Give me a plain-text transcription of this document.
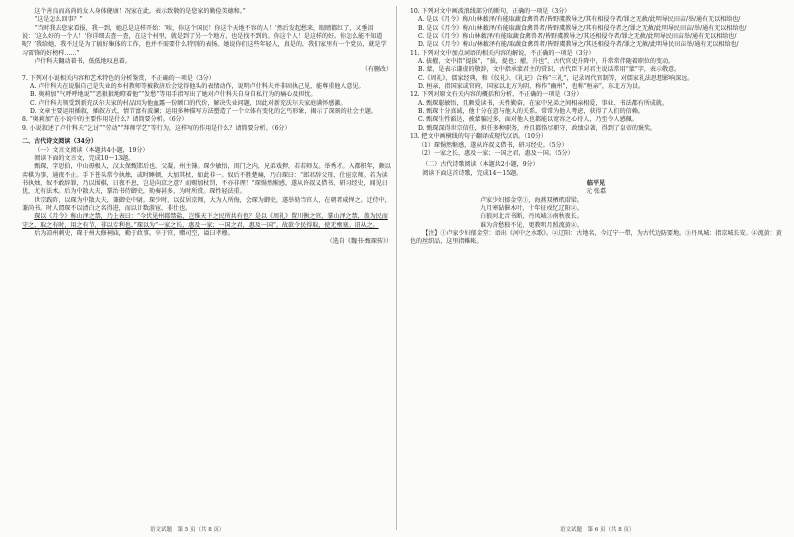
这个善良而高尚的女人身体健康！况家在此，表示致敬的是您家的勤俭美德和。”

“这是怎么回事？”

“当时我去您家看报，我一到，她总是这样开始：‘唉，你这个国民！你这个天地不容的人！’然后发起愁来，眼睛都红了，又垂泪说：‘这么好的一个人！’你详细去查一查，在这个村里，就是到了另一个地方，也是找不到的。你这个人！是这样的好。你怎么能不知道呢？’我给她，我不过是为了搞好集体的工作，也并不需要什么特别的表扬。她说你们这些年轻人，真是的，我们家里有一个党员，就是学习雷锋的好榜样……”

卢什科夫翻动着书，低低地叹息着。

（有删改）

7. 下列对小说相关内容和艺术特色的分析鉴赏，不正确的一项是（3分）

A. 卢什科夫在说服自己是失业的乡村教师等被救济后会觉得他头的表情动作，说明卢什科夫并非固执己见，能尊重他人意见。

B. 奥莉加“气呼呼地说”“恶狠狠地瞪着他”“发愁”等用手指写出了她对卢什科夫自身自私行为的痛心及担忧。

C. 卢什科夫领受到新充沃尔夫家的村品因为他血露一份额口的代价，解决失业问题，因此对新充沃尔夫家庭满怀感激。

D. 文章主要运用插叙，插叙方式，情节富有波澜；运用多种描写方法塑造了一个立体有变化的乞丐形象，揭示了深刻的社会主题。

8. “奥莉加”在小说中的主要作用是什么？请简要分析。（6分）

9. 小说叙述了卢什科夫“乞讨”“劳动”“拜师学艺”等行为，这样写的作用是什么？请简要分析。（6分）

二、古代诗文阅读（34分）

（一）文言文阅读（本题共4小题，19分）

阅读下面的文言文，完成10～13题。

甄琛，字思伯，中山毋极人，汉太保甄邯后也。父凝，州主簿。琛少敏悟，闺门之内，兄弟戏狎，若若师友。举秀才。入都积年，颇以弈棋为事，通夜不止。手下苍头常令执烛，或时睡顿，大加其杖，如此非一。奴后不胜楚痛，乃白琛曰：“郎君辞父母，仕宦京师。若为读书执烛，奴不敢辞罪，乃以围棋，日夜不息，岂是向京之意？而赐加杖罚，不亦非理！”琛惕然惭感，遂从许叔义借书，研习经史，闻见日优，尤有法术。后为中散大夫，掌治书侍御史，劾奏甚多，为时所赏。琛性轻法重。

世宗践阼，以琛为中散大夫，兼御史中尉。琛少时，以贫居京师，大为人所侮，会琛为御史，遂举劾当官人，在朝者咸惮之。迁侍中，兼尚书。时人谓琛不以清白之名得进，而以计数游宦，非仕也。

琛以《月令》称山泽之禁，乃上表曰：“今伏见州郡禁盐，岂惟天下之民所共有也？是以《周礼》置川衡之官，掌山泽之禁，盖为民而守之，取之有时，用之有节，非以专利也。”琛以为“一家之长，惠及一家；一国之君，惠及一国”，故欲令民得取，使无壅塞。诏从之。

后为凉州刺史，琛于州大修祠庙，勤于政事。卒于官，赠司空，谥曰孝穆。

（选自《魏书·甄琛传》）

10. 下列对文中画波浪线部分的断句，正确的一项是（3分）

A. 是以《月令》称/山林薮泽/有能取蔬食禽兽者/皆野虞教导之/其有相侵夺者/罪之无赦/此明导民田亩/举/通有无以相给也/

B. 是以《月令》称/山林薮泽/有能取蔬食禽兽者/皆野虞教导之/其有相侵夺者之/罪之无赦/此明导民田亩/举/通有无以相给也/

C. 是以《月令》称山林薮泽/有能取蔬食禽兽者/皆野虞教导之/其还相侵夺者/罪之无赦/此明导民田亩举/通有无以相给也/

D. 是以《月令》称山/林薮泽有能/取蔬食禽兽者/皆野虞教导之/其还相侵夺者/罪之无赦/此明导民田亩举/通有无以相给也/

11. 下列对文中加点词语的相关内容的解说，不正确的一项是（3分）

A. 拔擢，文中指“提拔”，“拔，提也；擢，升也”，古代官吏升降中，升常常伴随着职位的变动。

B. 蒙，是表示谦虚的敬辞，文中指承蒙君主的赏识，古代臣下对君主说话常用“蒙”字，表示敬意。

C.《周礼》，儒家经典，和《仪礼》、《礼记》合称“三礼”，记录周代官制等，对儒家礼法思想影响深远。

D. 桓亲，指国家或官府，国家以北方为阴，称作“幽州”，也称“桓亲”，东北方为艮。

12. 下列对原文有关内容的概括和分析，不正确的一项是（3分）

A. 甄琛聪敏悟，且颇爱读书，天性勤奋，在家中兄弟之间相亲相爱，事业、书法都有所成就。

B. 甄琛十分真诚，他十分在意与他人的关系，常常为他人考虑，获得了人们的信赖。

C. 甄琛生性豁达，被蒙骗过多，面对他人也都能以宽容之心待人，乃至令人感佩。

D. 甄琛深得世宗信任，担任多种职务，并且都恪尽职守，政绩卓著，得到了皇帝的褒奖。

13. 把文中画横线的句子翻译成现代汉语。（10分）

（1）琛惕然惭感，遂从许叔义借书，研习经史。（5分）

（2）一家之长，惠及一家；一国之君，惠及一国。（5分）

（二）古代诗歌阅读（本题共2小题，9分）

阅读下面这首诗歌，完成14～15题。

临平见

元 张翥

卢家少妇郁金堂①，海燕双栖玳瑁梁。

九月寒砧催木叶，十年征戍忆辽阳②。

白狼河北音书断，丹凤城③南秋夜长。

谁为含愁独不见，更教明月照流黄④。

【注】①卢家少妇郁金堂：语出《河中之水歌》。②辽阳：古地名，今辽宁一带，为古代边防要地。③丹凤城：指京城长安。④流黄：黄色的丝织品，这里指帷帐。

语文试题　第 5 页（共 8 页）	语文试题　第 6 页（共 8 页）
